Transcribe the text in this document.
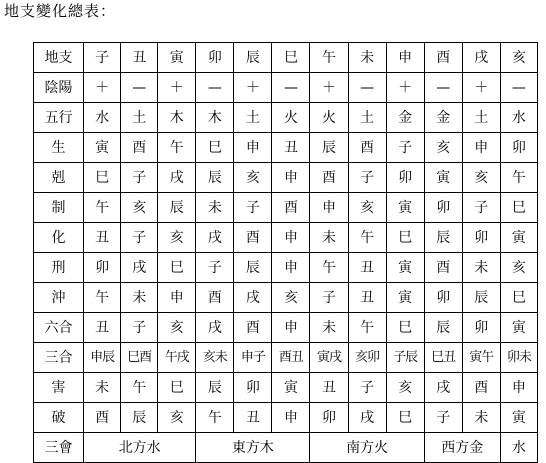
地支變化總表：
地支	子	丑	寅	卯	辰	巳	午	未	申	酉	戌	亥
陰陽	＋	—	＋	—	＋	—	＋	—	＋	—	＋	—
五行	水	土	木	木	土	火	火	土	金	金	土	水
生	寅	酉	午	巳	申	丑	辰	酉	子	亥	申	卯
剋	巳	子	戌	辰	亥	申	酉	子	卯	寅	亥	午
制	午	亥	辰	未	子	酉	申	亥	寅	卯	子	巳
化	丑	子	亥	戌	酉	申	未	午	巳	辰	卯	寅
刑	卯	戌	巳	子	辰	申	午	丑	寅	酉	未	亥
沖	午	未	申	酉	戌	亥	子	丑	寅	卯	辰	巳
六合	丑	子	亥	戌	酉	申	未	午	巳	辰	卯	寅
三合	申辰	巳酉	午戌	亥未	申子	酉丑	寅戌	亥卯	子辰	巳丑	寅午	卯未
害	未	午	巳	辰	卯	寅	丑	子	亥	戌	酉	申
破	酉	辰	亥	午	丑	申	卯	戌	巳	子	未	寅
三會	北方水			東方木			南方火			西方金		水
